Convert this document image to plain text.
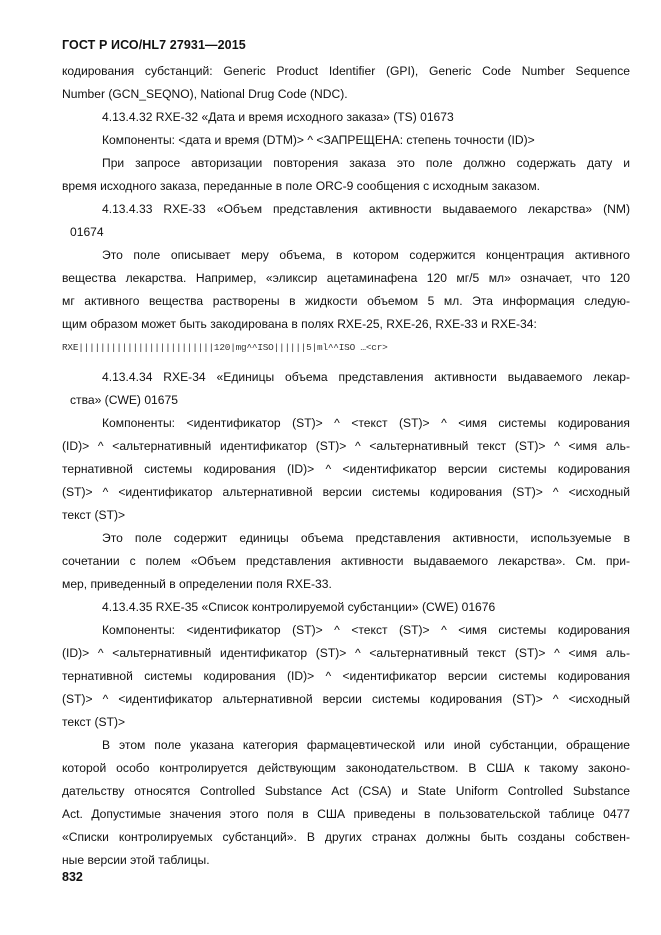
ГОСТ Р ИСО/HL7 27931—2015
кодирования субстанций: Generic Product Identifier (GPI), Generic Code Number Sequence
Number (GCN_SEQNO), National Drug Code (NDC).
4.13.4.32 RXE-32 «Дата и время исходного заказа» (TS) 01673
Компоненты: <дата и время (DTM)> ^ <ЗАПРЕЩЕНА: степень точности (ID)>
При запросе авторизации повторения заказа это поле должно содержать дату и
время исходного заказа, переданные в поле ORC-9 сообщения с исходным заказом.
4.13.4.33 RXE-33 «Объем представления активности выдаваемого лекарства» (NM)
01674
Это поле описывает меру объема, в котором содержится концентрация активного
вещества лекарства. Например, «эликсир ацетаминафена 120 мг/5 мл» означает, что 120
мг активного вещества растворены в жидкости объемом 5 мл. Эта информация следую-
щим образом может быть закодирована в полях RXE-25, RXE-26, RXE-33 и RXE-34:
RXE|||||||||||||||||||||||||120|mg^^ISO||||||5|ml^^ISO …<cr>
4.13.4.34 RXE-34 «Единицы объема представления активности выдаваемого лекар-
ства» (CWE) 01675
Компоненты: <идентификатор (ST)> ^ <текст (ST)> ^ <имя системы кодирования
(ID)> ^ <альтернативный идентификатор (ST)> ^ <альтернативный текст (ST)> ^ <имя аль-
тернативной системы кодирования (ID)> ^ <идентификатор версии системы кодирования
(ST)> ^ <идентификатор альтернативной версии системы кодирования (ST)> ^ <исходный
текст (ST)>
Это поле содержит единицы объема представления активности, используемые в
сочетании с полем «Объем представления активности выдаваемого лекарства». См. при-
мер, приведенный в определении поля RXE-33.
4.13.4.35 RXE-35 «Список контролируемой субстанции» (CWE) 01676
Компоненты: <идентификатор (ST)> ^ <текст (ST)> ^ <имя системы кодирования
(ID)> ^ <альтернативный идентификатор (ST)> ^ <альтернативный текст (ST)> ^ <имя аль-
тернативной системы кодирования (ID)> ^ <идентификатор версии системы кодирования
(ST)> ^ <идентификатор альтернативной версии системы кодирования (ST)> ^ <исходный
текст (ST)>
В этом поле указана категория фармацевтической или иной субстанции, обращение
которой особо контролируется действующим законодательством. В США к такому законо-
дательству относятся Controlled Substance Act (CSA) и State Uniform Controlled Substance
Act. Допустимые значения этого поля в США приведены в пользовательской таблице 0477
«Списки контролируемых субстанций». В других странах должны быть созданы собствен-
ные версии этой таблицы.
832
